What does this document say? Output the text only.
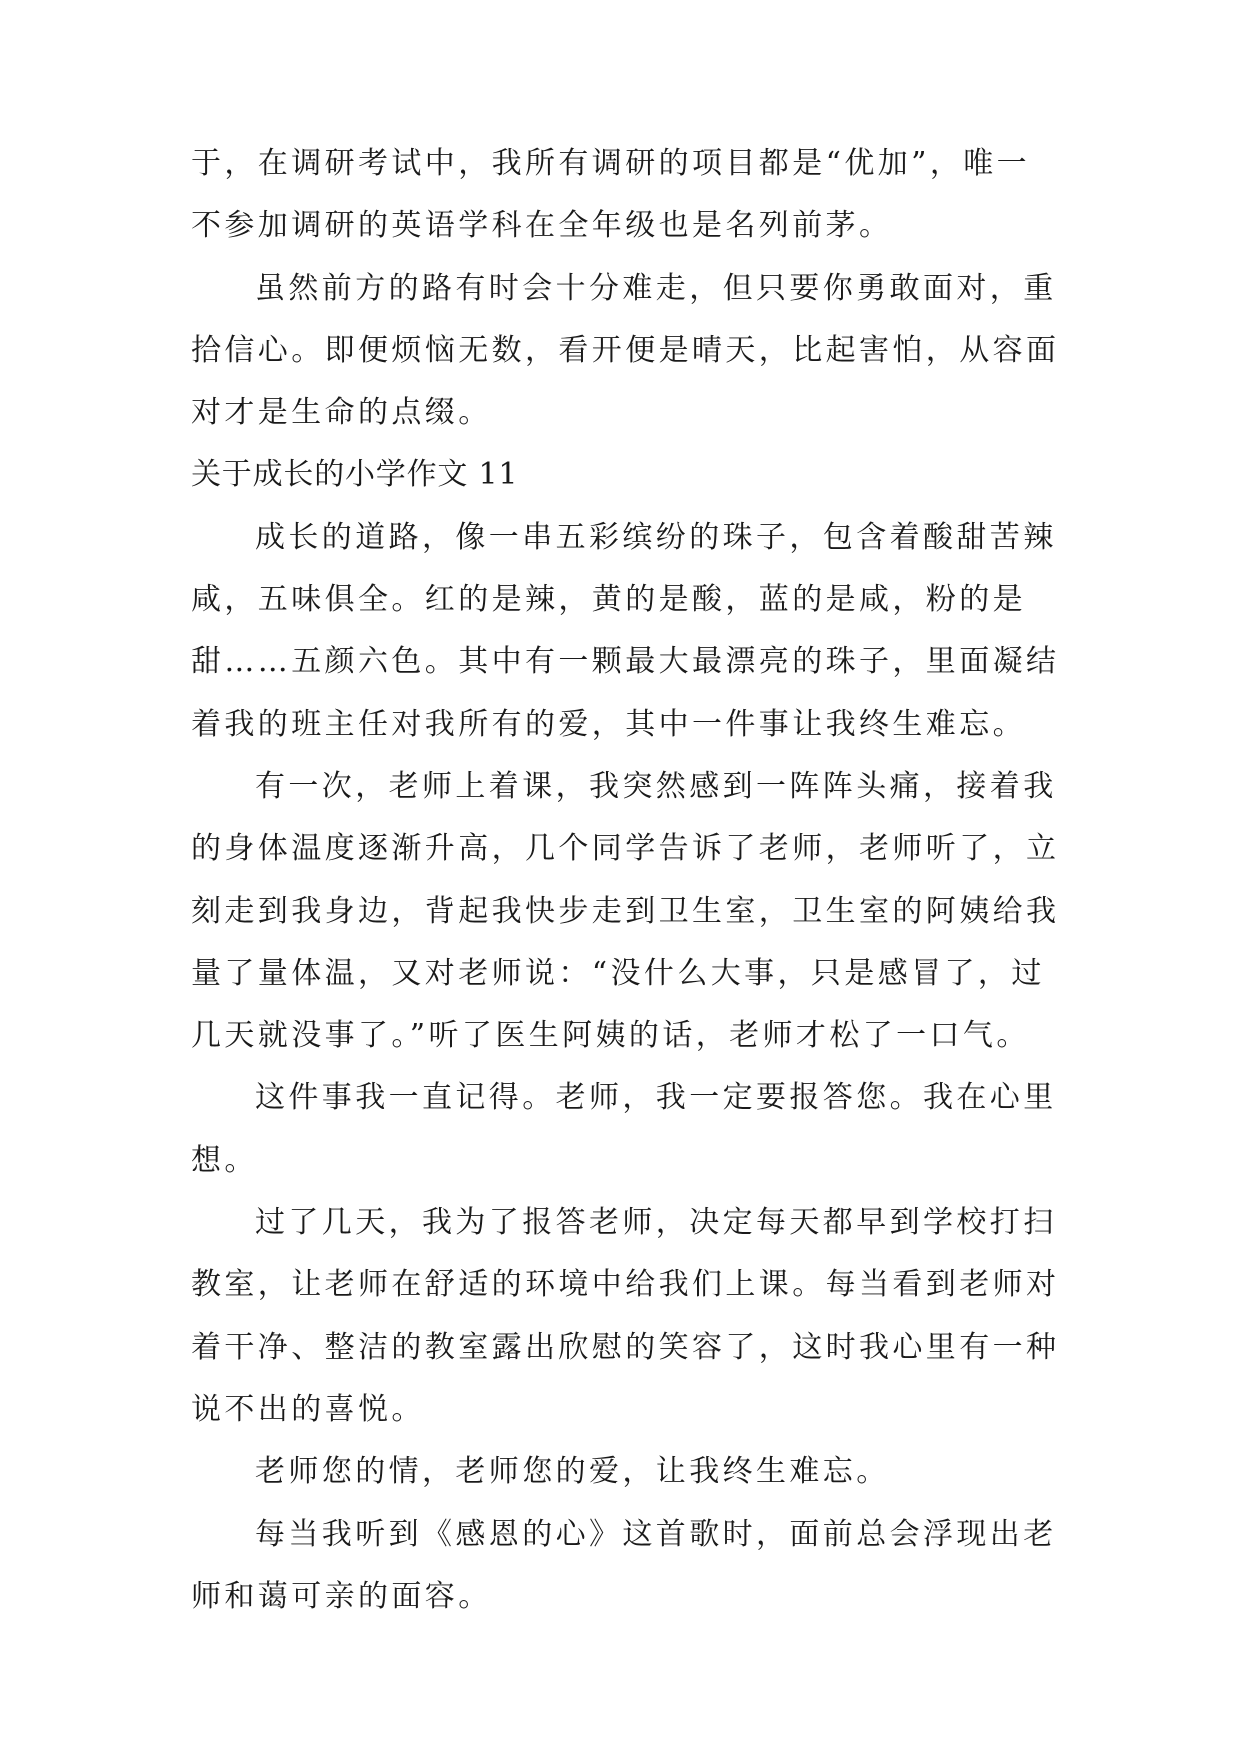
于，在调研考试中，我所有调研的项目都是“优加”，唯一
不参加调研的英语学科在全年级也是名列前茅。
虽然前方的路有时会十分难走，但只要你勇敢面对，重
拾信心。即便烦恼无数，看开便是晴天，比起害怕，从容面
对才是生命的点缀。
关于成长的小学作文 11
成长的道路，像一串五彩缤纷的珠子，包含着酸甜苦辣
咸，五味俱全。红的是辣，黄的是酸，蓝的是咸，粉的是
甜……五颜六色。其中有一颗最大最漂亮的珠子，里面凝结
着我的班主任对我所有的爱，其中一件事让我终生难忘。
有一次，老师上着课，我突然感到一阵阵头痛，接着我
的身体温度逐渐升高，几个同学告诉了老师，老师听了，立
刻走到我身边，背起我快步走到卫生室，卫生室的阿姨给我
量了量体温，又对老师说：“没什么大事，只是感冒了，过
几天就没事了。”听了医生阿姨的话，老师才松了一口气。
这件事我一直记得。老师，我一定要报答您。我在心里
想。
过了几天，我为了报答老师，决定每天都早到学校打扫
教室，让老师在舒适的环境中给我们上课。每当看到老师对
着干净、整洁的教室露出欣慰的笑容了，这时我心里有一种
说不出的喜悦。
老师您的情，老师您的爱，让我终生难忘。
每当我听到《感恩的心》这首歌时，面前总会浮现出老
师和蔼可亲的面容。
